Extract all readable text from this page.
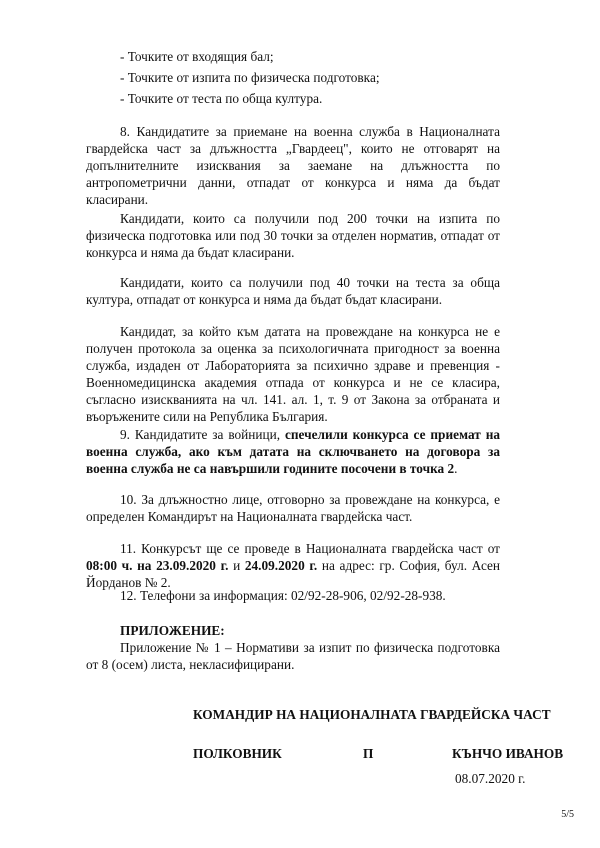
- Точките от входящия бал;
- Точките от изпита по физическа подготовка;
- Точките от теста по обща култура.

8. Кандидатите за приемане на военна служба в Националната гвардейска част за длъжността „Гвардеец", които не отговарят на допълнителните изисквания за заемане на длъжността по антропометрични данни, отпадат от конкурса и няма да бъдат класирани.

Кандидати, които са получили под 200 точки на изпита по физическа подготовка или под 30 точки за отделен норматив, отпадат от конкурса и няма да бъдат класирани.

Кандидати, които са получили под 40 точки на теста за обща култура, отпадат от конкурса и няма да бъдат бъдат класирани.

Кандидат, за който към датата на провеждане на конкурса не е получен протокола за оценка за психологичната пригодност за военна служба, издаден от Лабораторията за психично здраве и превенция - Военномедицинска академия отпада от конкурса и не се класира, съгласно изискванията на чл. 141. ал. 1, т. 9 от Закона за отбраната и въоръжените сили на Република България.

9. Кандидатите за войници, спечелили конкурса се приемат на военна служба, ако към датата на сключването на договора за военна служба не са навършили годините посочени в точка 2.

10. За длъжностно лице, отговорно за провеждане на конкурса, е определен Командирът на Националната гвардейска част.

11. Конкурсът ще се проведе в Националната гвардейска част от 08:00 ч. на 23.09.2020 г. и 24.09.2020 г. на адрес: гр. София, бул. Асен Йорданов № 2.

12. Телефони за информация: 02/92-28-906, 02/92-28-938.

ПРИЛОЖЕНИЕ:

Приложение № 1 – Нормативи за изпит по физическа подготовка от 8 (осем) листа, некласифицирани.

КОМАНДИР НА НАЦИОНАЛНАТА ГВАРДЕЙСКА ЧАСТ
ПОЛКОВНИК	П	КЪНЧО ИВАНОВ
08.07.2020 г.
5/5
